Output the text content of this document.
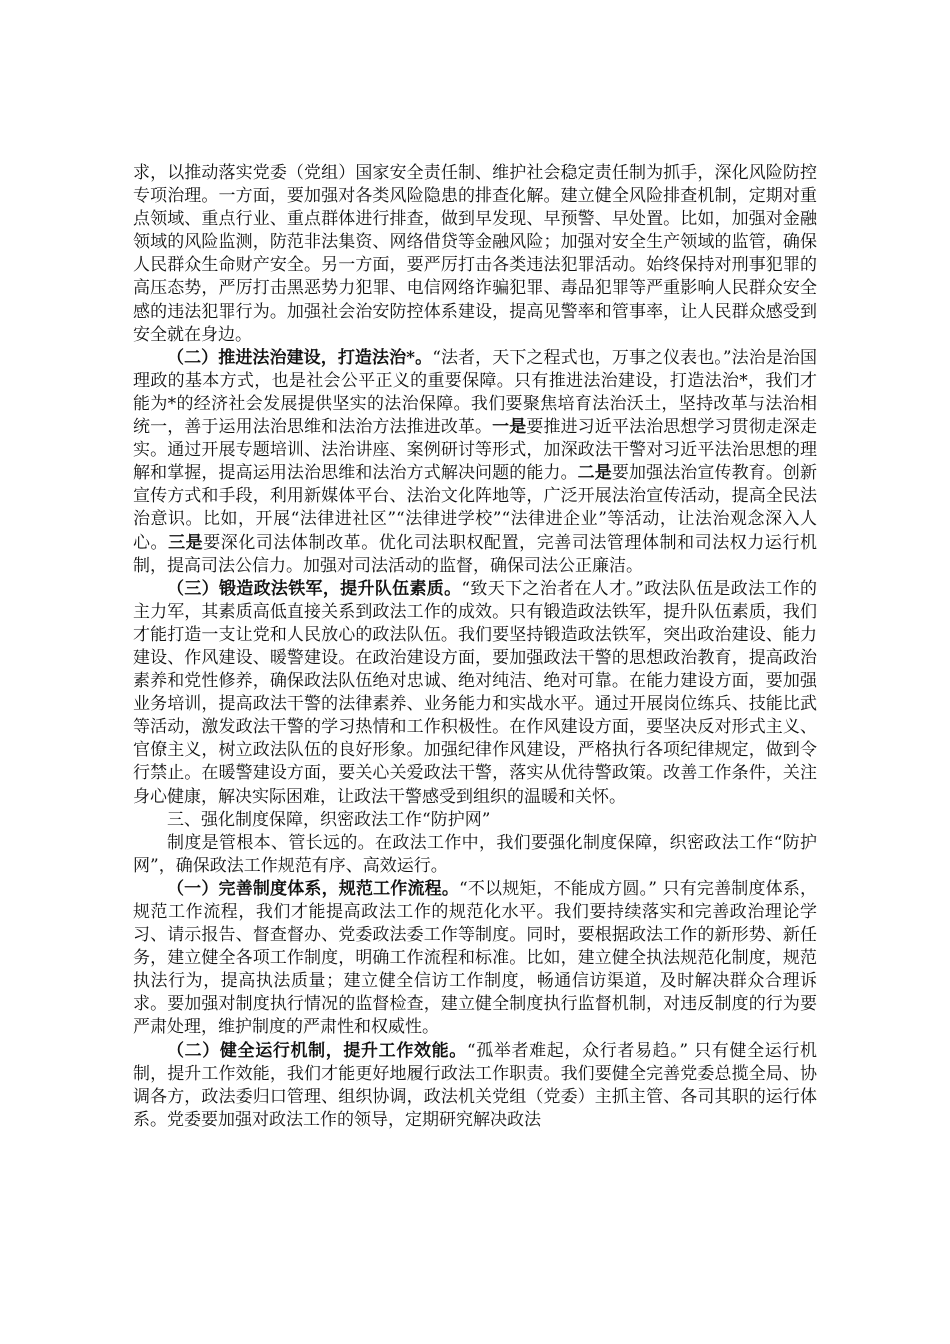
求，以推动落实党委（党组）国家安全责任制、维护社会稳定责任制为抓手，深化风险防控专项治理。一方面，要加强对各类风险隐患的排查化解。建立健全风险排查机制，定期对重点领域、重点行业、重点群体进行排查，做到早发现、早预警、早处置。比如，加强对金融领域的风险监测，防范非法集资、网络借贷等金融风险；加强对安全生产领域的监管，确保人民群众生命财产安全。另一方面，要严厉打击各类违法犯罪活动。始终保持对刑事犯罪的高压态势，严厉打击黑恶势力犯罪、电信网络诈骗犯罪、毒品犯罪等严重影响人民群众安全感的违法犯罪行为。加强社会治安防控体系建设，提高见警率和管事率，让人民群众感受到安全就在身边。

（二）推进法治建设，打造法治*。“法者，天下之程式也，万事之仪表也。”法治是治国理政的基本方式，也是社会公平正义的重要保障。只有推进法治建设，打造法治*，我们才能为*的经济社会发展提供坚实的法治保障。我们要聚焦培育法治沃土，坚持改革与法治相统一，善于运用法治思维和法治方法推进改革。一是要推进习近平法治思想学习贯彻走深走实。通过开展专题培训、法治讲座、案例研讨等形式，加深政法干警对习近平法治思想的理解和掌握，提高运用法治思维和法治方式解决问题的能力。二是要加强法治宣传教育。创新宣传方式和手段，利用新媒体平台、法治文化阵地等，广泛开展法治宣传活动，提高全民法治意识。比如，开展“法律进社区”“法律进学校”“法律进企业”等活动，让法治观念深入人心。三是要深化司法体制改革。优化司法职权配置，完善司法管理体制和司法权力运行机制，提高司法公信力。加强对司法活动的监督，确保司法公正廉洁。

（三）锻造政法铁军，提升队伍素质。“致天下之治者在人才。”政法队伍是政法工作的主力军，其素质高低直接关系到政法工作的成效。只有锻造政法铁军，提升队伍素质，我们才能打造一支让党和人民放心的政法队伍。我们要坚持锻造政法铁军，突出政治建设、能力建设、作风建设、暖警建设。在政治建设方面，要加强政法干警的思想政治教育，提高政治素养和党性修养，确保政法队伍绝对忠诚、绝对纯洁、绝对可靠。在能力建设方面，要加强业务培训，提高政法干警的法律素养、业务能力和实战水平。通过开展岗位练兵、技能比武等活动，激发政法干警的学习热情和工作积极性。在作风建设方面，要坚决反对形式主义、官僚主义，树立政法队伍的良好形象。加强纪律作风建设，严格执行各项纪律规定，做到令行禁止。在暖警建设方面，要关心关爱政法干警，落实从优待警政策。改善工作条件，关注身心健康，解决实际困难，让政法干警感受到组织的温暖和关怀。

三、强化制度保障，织密政法工作“防护网”

制度是管根本、管长远的。在政法工作中，我们要强化制度保障，织密政法工作“防护网”，确保政法工作规范有序、高效运行。

（一）完善制度体系，规范工作流程。“不以规矩，不能成方圆。” 只有完善制度体系，规范工作流程，我们才能提高政法工作的规范化水平。我们要持续落实和完善政治理论学习、请示报告、督查督办、党委政法委工作等制度。同时，要根据政法工作的新形势、新任务，建立健全各项工作制度，明确工作流程和标准。比如，建立健全执法规范化制度，规范执法行为，提高执法质量；建立健全信访工作制度，畅通信访渠道，及时解决群众合理诉求。要加强对制度执行情况的监督检查，建立健全制度执行监督机制，对违反制度的行为要严肃处理，维护制度的严肃性和权威性。

（二）健全运行机制，提升工作效能。“孤举者难起，众行者易趋。” 只有健全运行机制，提升工作效能，我们才能更好地履行政法工作职责。我们要健全完善党委总揽全局、协调各方，政法委归口管理、组织协调，政法机关党组（党委）主抓主管、各司其职的运行体系。党委要加强对政法工作的领导，定期研究解决政法
